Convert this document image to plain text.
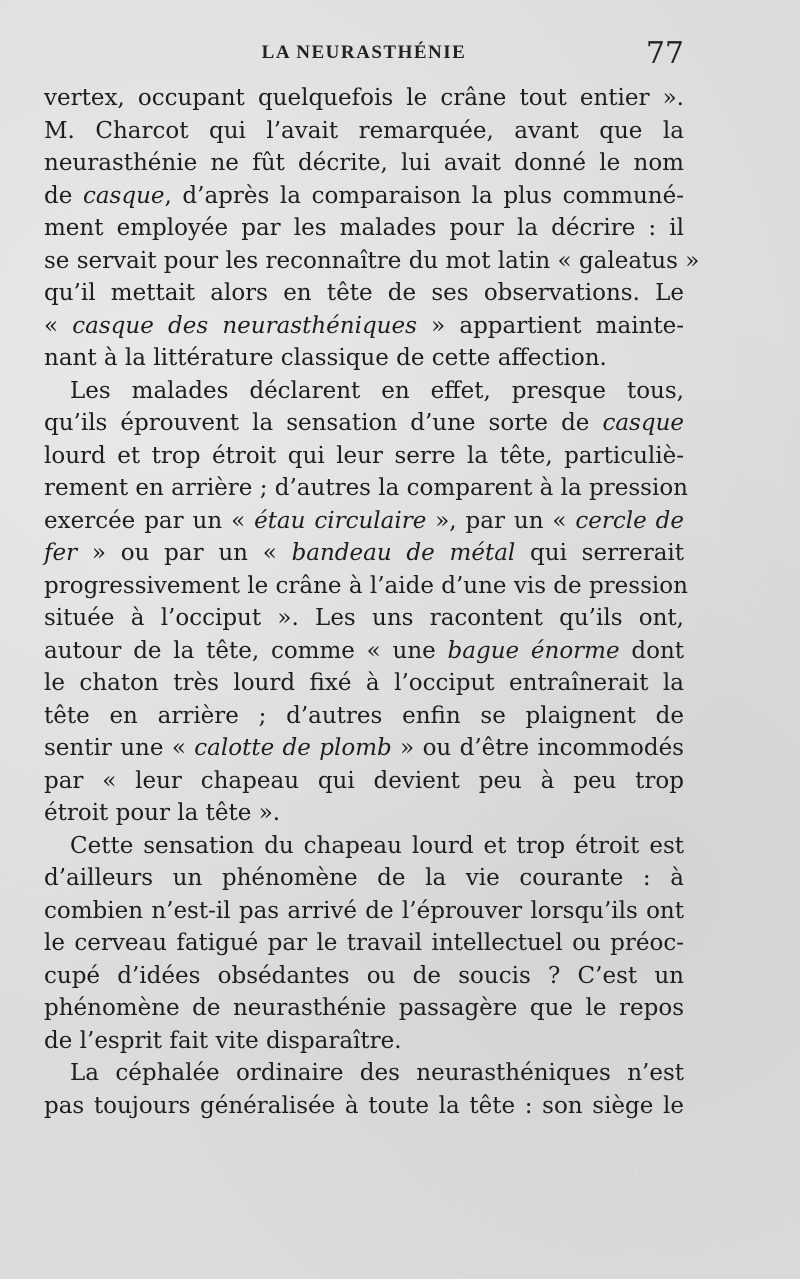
LA NEURASTHÉNIE	77
vertex, occupant quelquefois le crâne tout entier ».
M. Charcot qui l’avait remarquée, avant que la
neurasthénie ne fût décrite, lui avait donné le nom
de casque, d’après la comparaison la plus communé-
ment employée par les malades pour la décrire : il
se servait pour les reconnaître du mot latin « galeatus »
qu’il mettait alors en tête de ses observations. Le
« casque des neurasthéniques » appartient mainte-
nant à la littérature classique de cette affection.
Les malades déclarent en effet, presque tous,
qu’ils éprouvent la sensation d’une sorte de casque
lourd et trop étroit qui leur serre la tête, particuliè-
rement en arrière ; d’autres la comparent à la pression
exercée par un « étau circulaire », par un « cercle de
fer » ou par un « bandeau de métal qui serrerait
progressivement le crâne à l’aide d’une vis de pression
située à l’occiput ». Les uns racontent qu’ils ont,
autour de la tête, comme « une bague énorme dont
le chaton très lourd fixé à l’occiput entraînerait la
tête en arrière ; d’autres enfin se plaignent de
sentir une « calotte de plomb » ou d’être incommodés
par « leur chapeau qui devient peu à peu trop
étroit pour la tête ».
Cette sensation du chapeau lourd et trop étroit est
d’ailleurs un phénomène de la vie courante : à
combien n’est-il pas arrivé de l’éprouver lorsqu’ils ont
le cerveau fatigué par le travail intellectuel ou préoc-
cupé d’idées obsédantes ou de soucis ? C’est un
phénomène de neurasthénie passagère que le repos
de l’esprit fait vite disparaître.
La céphalée ordinaire des neurasthéniques n’est
pas toujours généralisée à toute la tête : son siège le
